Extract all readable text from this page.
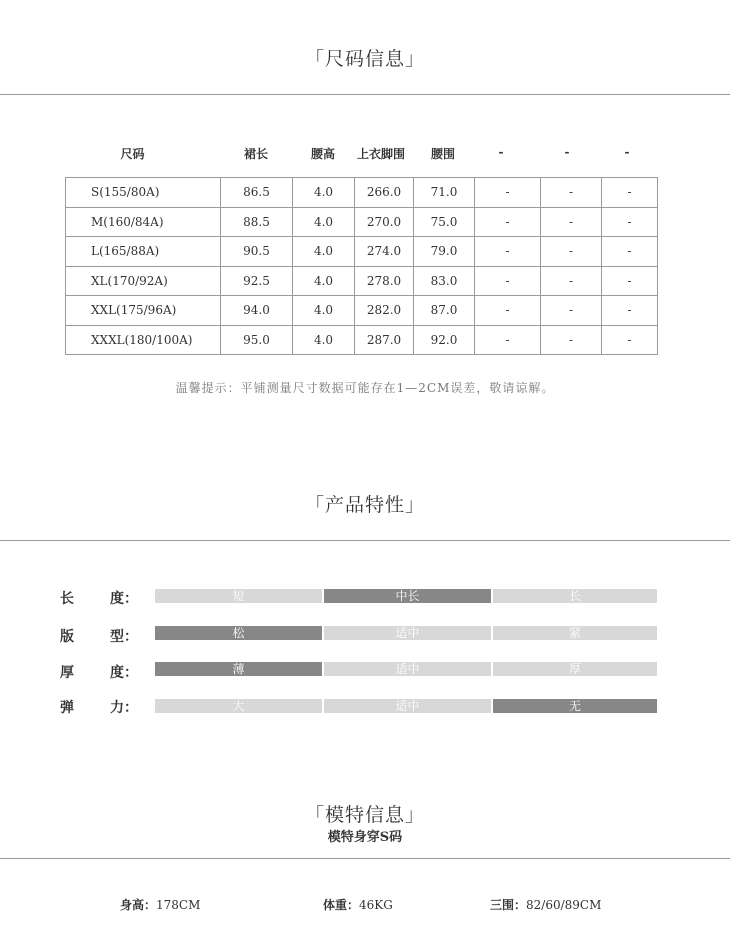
「尺码信息」
尺码	裙长	腰高	上衣脚围	腰围	-	-	-
S(155/80A)	86.5	4.0	266.0	71.0	-	-	-
M(160/84A)	88.5	4.0	270.0	75.0	-	-	-
L(165/88A)	90.5	4.0	274.0	79.0	-	-	-
XL(170/92A)	92.5	4.0	278.0	83.0	-	-	-
XXL(175/96A)	94.0	4.0	282.0	87.0	-	-	-
XXXL(180/100A)	95.0	4.0	287.0	92.0	-	-	-
温馨提示：平铺测量尺寸数据可能存在1—2CM误差，敬请谅解。
「产品特性」
长	度：	短	中长	长
版	型：	松	适中	紧
厚	度：	薄	适中	厚
弹	力：	大	适中	无
「模特信息」
模特身穿S码
身高：178CM	体重：46KG	三围：82/60/89CM
